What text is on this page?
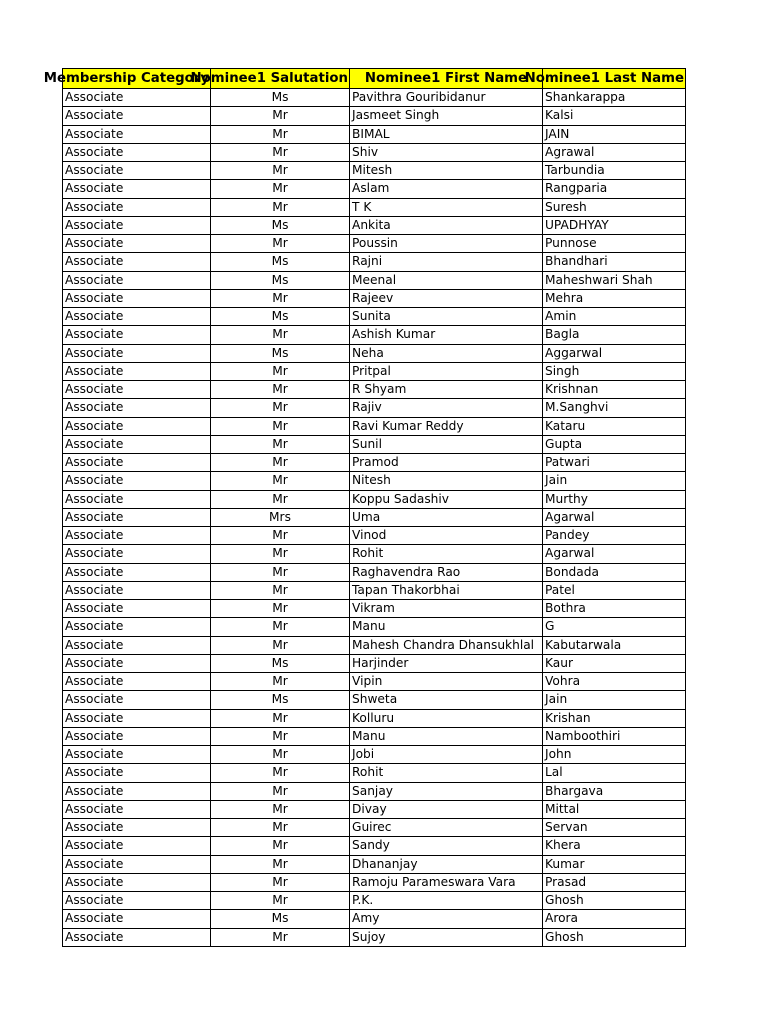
Membership Category	Nominee1 Salutation	Nominee1 First Name	Nominee1 Last Name
Associate	Ms	Pavithra Gouribidanur	Shankarappa
Associate	Mr	Jasmeet Singh	Kalsi
Associate	Mr	BIMAL	JAIN
Associate	Mr	Shiv	Agrawal
Associate	Mr	Mitesh	Tarbundia
Associate	Mr	Aslam	Rangparia
Associate	Mr	T K	Suresh
Associate	Ms	Ankita	UPADHYAY
Associate	Mr	Poussin	Punnose
Associate	Ms	Rajni	Bhandhari
Associate	Ms	Meenal	Maheshwari Shah
Associate	Mr	Rajeev	Mehra
Associate	Ms	Sunita	Amin
Associate	Mr	Ashish Kumar	Bagla
Associate	Ms	Neha	Aggarwal
Associate	Mr	Pritpal	Singh
Associate	Mr	R Shyam	Krishnan
Associate	Mr	Rajiv	M.Sanghvi
Associate	Mr	Ravi Kumar Reddy	Kataru
Associate	Mr	Sunil	Gupta
Associate	Mr	Pramod	Patwari
Associate	Mr	Nitesh	Jain
Associate	Mr	Koppu Sadashiv	Murthy
Associate	Mrs	Uma	Agarwal
Associate	Mr	Vinod	Pandey
Associate	Mr	Rohit	Agarwal
Associate	Mr	Raghavendra Rao	Bondada
Associate	Mr	Tapan Thakorbhai	Patel
Associate	Mr	Vikram	Bothra
Associate	Mr	Manu	G
Associate	Mr	Mahesh Chandra Dhansukhlal	Kabutarwala
Associate	Ms	Harjinder	Kaur
Associate	Mr	Vipin	Vohra
Associate	Ms	Shweta	Jain
Associate	Mr	Kolluru	Krishan
Associate	Mr	Manu	Namboothiri
Associate	Mr	Jobi	John
Associate	Mr	Rohit	Lal
Associate	Mr	Sanjay	Bhargava
Associate	Mr	Divay	Mittal
Associate	Mr	Guirec	Servan
Associate	Mr	Sandy	Khera
Associate	Mr	Dhananjay	Kumar
Associate	Mr	Ramoju Parameswara Vara	Prasad
Associate	Mr	P.K.	Ghosh
Associate	Ms	Amy	Arora
Associate	Mr	Sujoy	Ghosh
